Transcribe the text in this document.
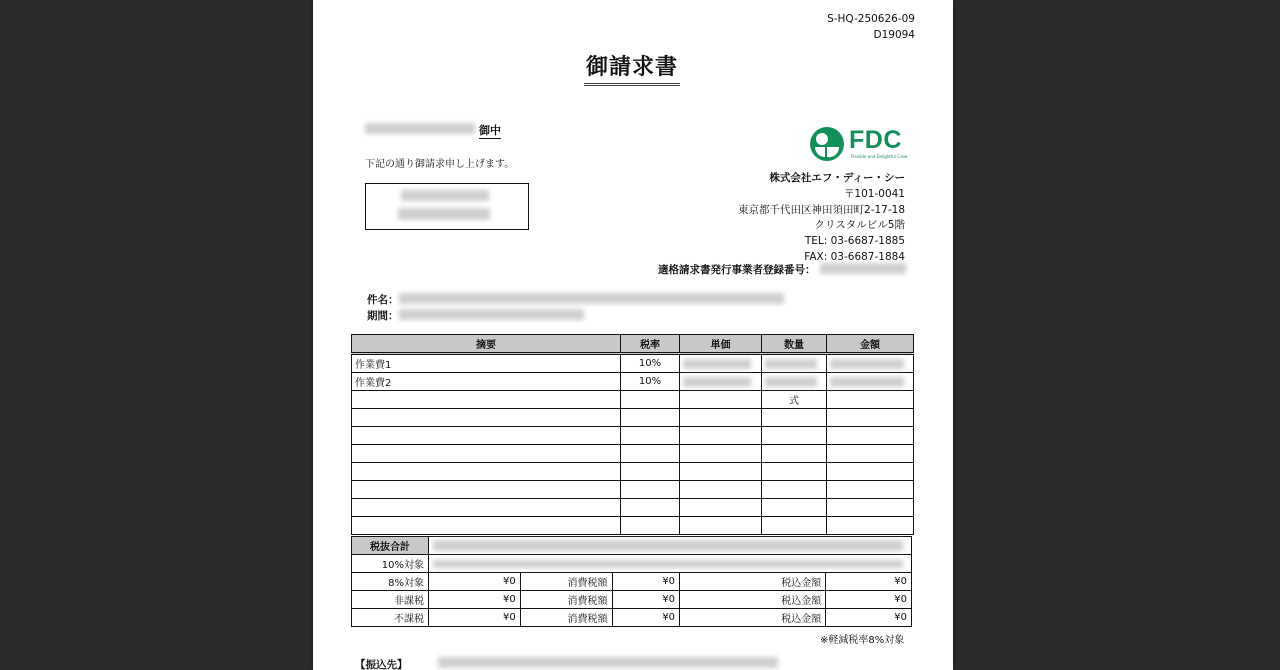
S-HQ-250626-09
D19094
御請求書
御中
下記の通り御請求申し上げます。
FDC
Flexible and Delightful Crew
株式会社エフ・ディー・シー
〒101-0041
東京都千代田区神田須田町2-17-18
クリスタルビル5階
TEL: 03-6687-1885
FAX: 03-6687-1884
適格請求書発行事業者登録番号：
件名：
期間：
摘要	税率	単価	数量	金額
作業費1	10%	

作業費2	10%	

			式	

税抜合計					

10%対象					

8%対象	¥0	消費税額	¥0	税込金額	¥0
非課税	¥0	消費税額	¥0	税込金額	¥0
不課税	¥0	消費税額	¥0	税込金額	¥0
※軽減税率8%対象
【振込先】
